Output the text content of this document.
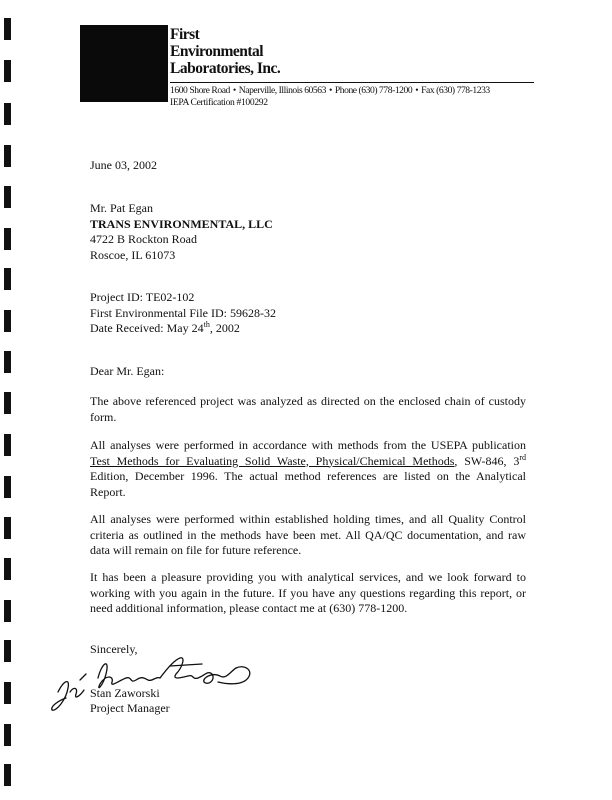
First
Environmental
Laboratories, Inc.
1600 Shore Road • Naperville, Illinois 60563 • Phone (630) 778-1200 • Fax (630) 778-1233
IEPA Certification #100292
June 03, 2002
Mr. Pat Egan
TRANS ENVIRONMENTAL, LLC
4722 B Rockton Road
Roscoe, IL 61073
Project ID: TE02-102
First Environmental File ID: 59628-32
Date Received: May 24th, 2002
Dear Mr. Egan:
The above referenced project was analyzed as directed on the enclosed chain of custody
form.
All analyses were performed in accordance with methods from the USEPA publication
Test Methods for Evaluating Solid Waste, Physical/Chemical Methods, SW-846, 3rd
Edition, December 1996. The actual method references are listed on the Analytical
Report.
All analyses were performed within established holding times, and all Quality Control
criteria as outlined in the methods have been met. All QA/QC documentation, and raw
data will remain on file for future reference.
It has been a pleasure providing you with analytical services, and we look forward to
working with you again in the future. If you have any questions regarding this report, or
need additional information, please contact me at (630) 778-1200.
Sincerely,
Stan Zaworski
Project Manager
